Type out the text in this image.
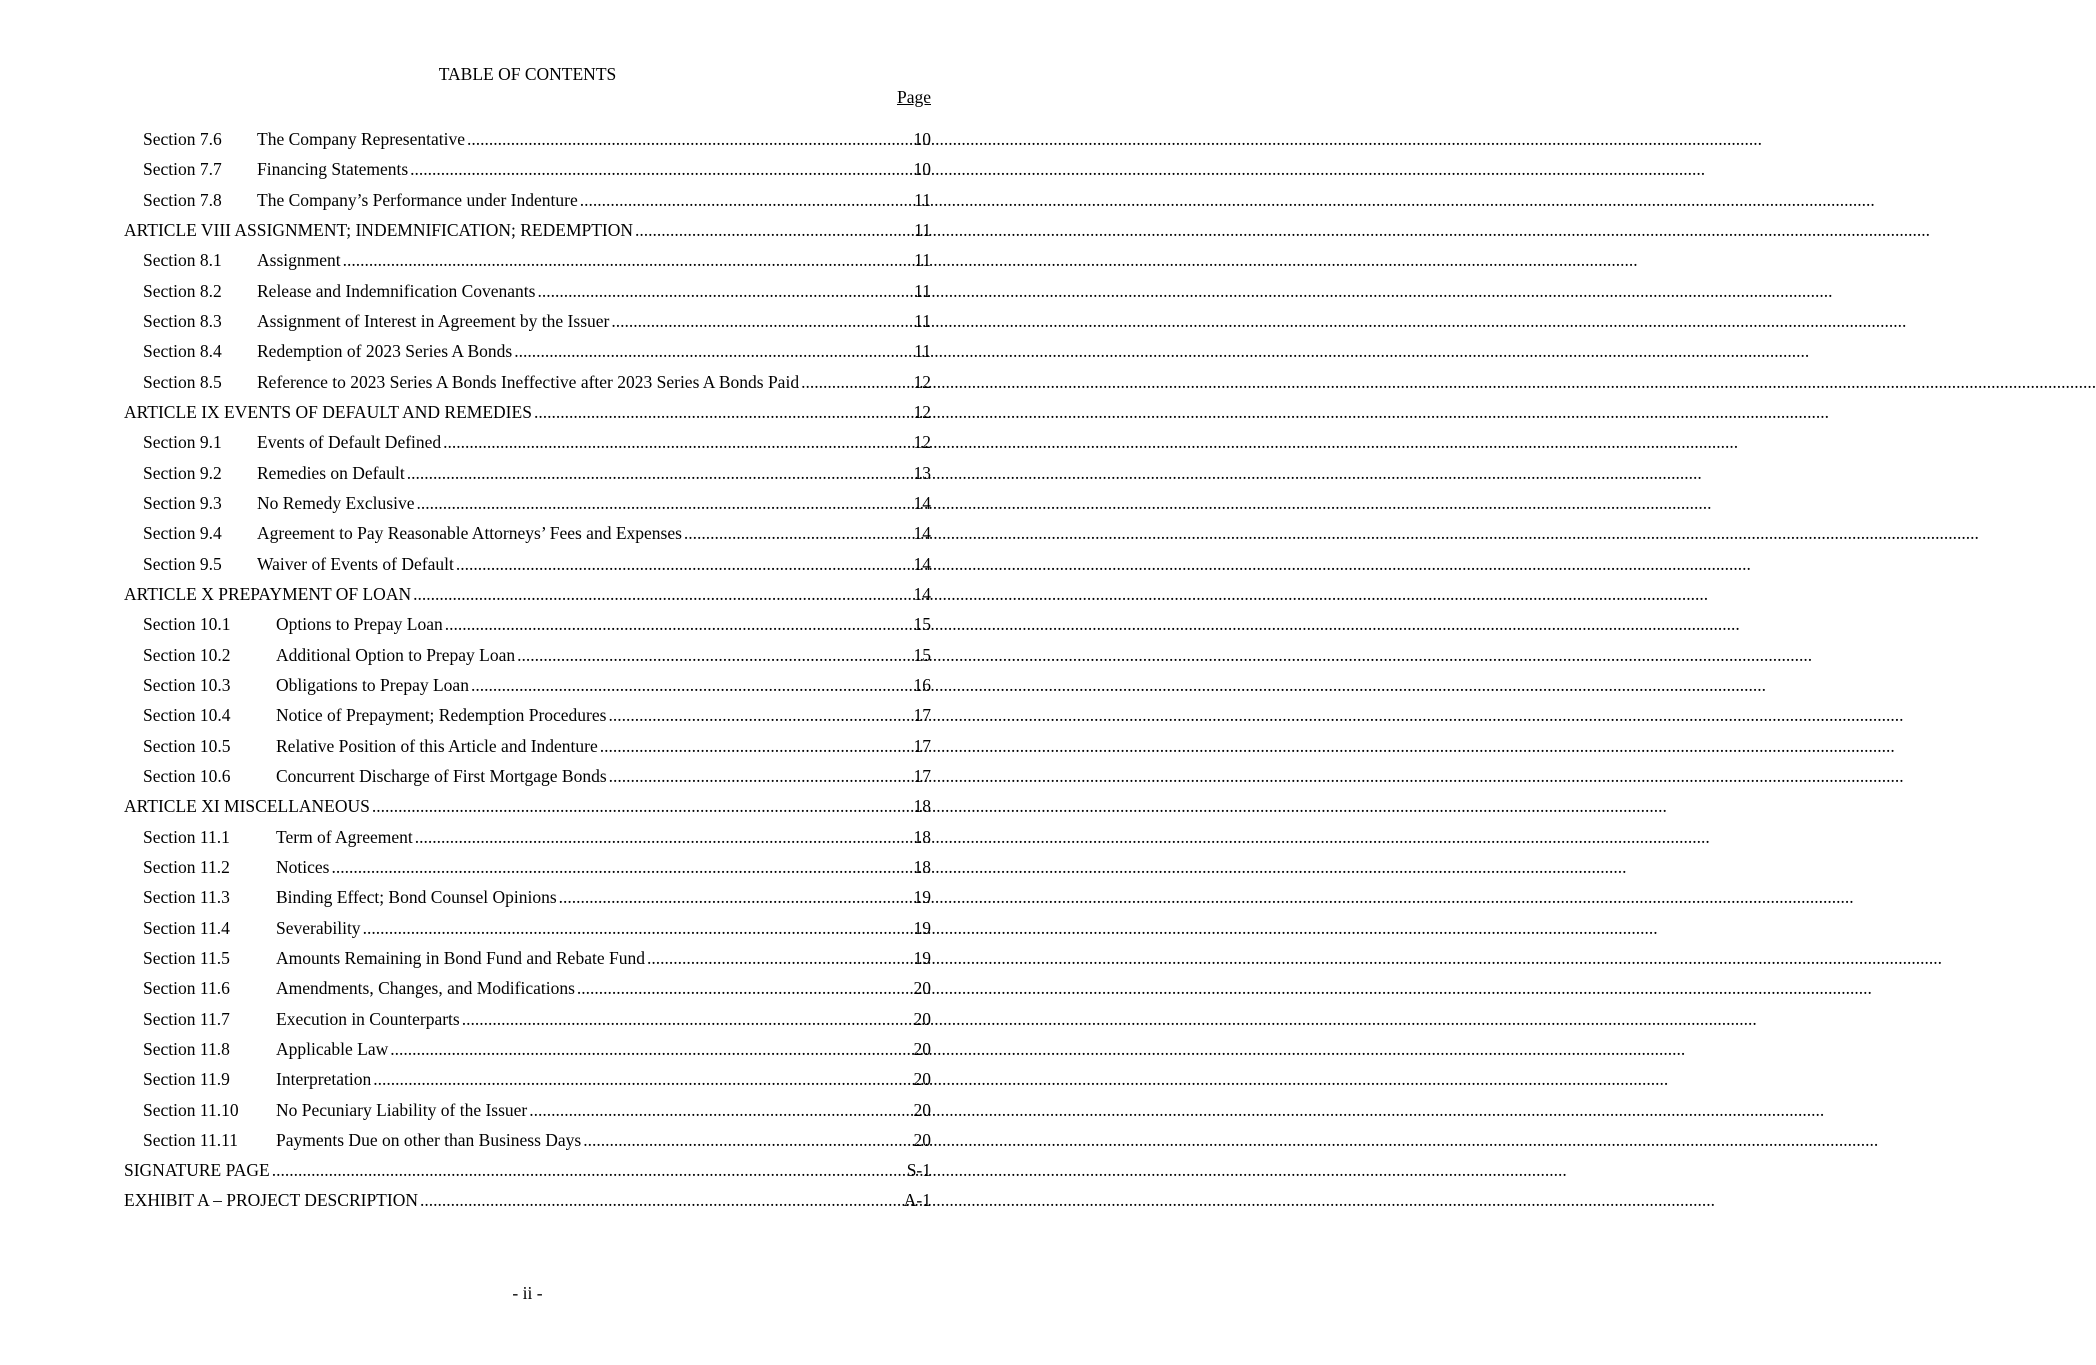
TABLE OF CONTENTS
Page
Section 7.6	The Company Representative .....	10
Section 7.7	Financing Statements .....	10
Section 7.8	The Company’s Performance under Indenture .....	11
ARTICLE VIII ASSIGNMENT; INDEMNIFICATION; REDEMPTION .....	11
Section 8.1	Assignment .....	11
Section 8.2	Release and Indemnification Covenants .....	11
Section 8.3	Assignment of Interest in Agreement by the Issuer .....	11
Section 8.4	Redemption of 2023 Series A Bonds .....	11
Section 8.5	Reference to 2023 Series A Bonds Ineffective after 2023 Series A Bonds Paid .....	12
ARTICLE IX EVENTS OF DEFAULT AND REMEDIES .....	12
Section 9.1	Events of Default Defined .....	12
Section 9.2	Remedies on Default .....	13
Section 9.3	No Remedy Exclusive .....	14
Section 9.4	Agreement to Pay Reasonable Attorneys’ Fees and Expenses .....	14
Section 9.5	Waiver of Events of Default .....	14
ARTICLE X PREPAYMENT OF LOAN .....	14
Section 10.1	Options to Prepay Loan .....	15
Section 10.2	Additional Option to Prepay Loan .....	15
Section 10.3	Obligations to Prepay Loan .....	16
Section 10.4	Notice of Prepayment; Redemption Procedures .....	17
Section 10.5	Relative Position of this Article and Indenture .....	17
Section 10.6	Concurrent Discharge of First Mortgage Bonds .....	17
ARTICLE XI MISCELLANEOUS .....	18
Section 11.1	Term of Agreement .....	18
Section 11.2	Notices .....	18
Section 11.3	Binding Effect; Bond Counsel Opinions .....	19
Section 11.4	Severability .....	19
Section 11.5	Amounts Remaining in Bond Fund and Rebate Fund .....	19
Section 11.6	Amendments, Changes, and Modifications .....	20
Section 11.7	Execution in Counterparts .....	20
Section 11.8	Applicable Law .....	20
Section 11.9	Interpretation .....	20
Section 11.10	No Pecuniary Liability of the Issuer .....	20
Section 11.11	Payments Due on other than Business Days .....	20
SIGNATURE PAGE .....	S-1
EXHIBIT A – PROJECT DESCRIPTION .....	A-1
- ii -
